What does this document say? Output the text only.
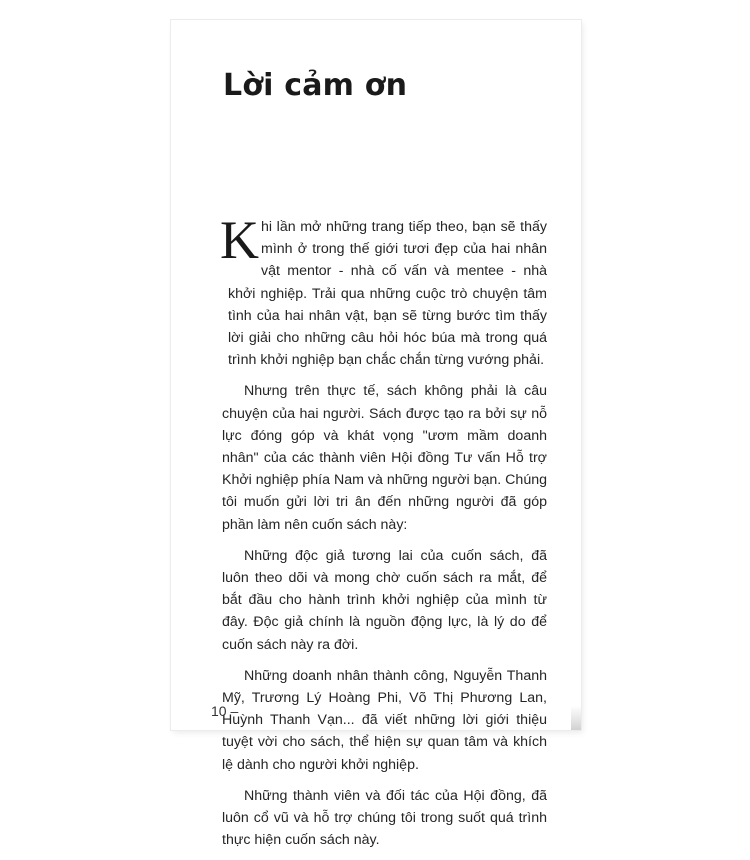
Lời cảm ơn

Khi lần mở những trang tiếp theo, bạn sẽ thấy mình ở trong thế giới tươi đẹp của hai nhân vật mentor - nhà cố vấn và mentee - nhà khởi nghiệp. Trải qua những cuộc trò chuyện tâm tình của hai nhân vật, bạn sẽ từng bước tìm thấy lời giải cho những câu hỏi hóc búa mà trong quá trình khởi nghiệp bạn chắc chắn từng vướng phải.

Nhưng trên thực tế, sách không phải là câu chuyện của hai người. Sách được tạo ra bởi sự nỗ lực đóng góp và khát vọng "ươm mầm doanh nhân" của các thành viên Hội đồng Tư vấn Hỗ trợ Khởi nghiệp phía Nam và những người bạn. Chúng tôi muốn gửi lời tri ân đến những người đã góp phần làm nên cuốn sách này:

Những độc giả tương lai của cuốn sách, đã luôn theo dõi và mong chờ cuốn sách ra mắt, để bắt đầu cho hành trình khởi nghiệp của mình từ đây. Độc giả chính là nguồn động lực, là lý do để cuốn sách này ra đời.

Những doanh nhân thành công, Nguyễn Thanh Mỹ, Trương Lý Hoàng Phi, Võ Thị Phương Lan, Huỳnh Thanh Vạn... đã viết những lời giới thiệu tuyệt vời cho sách, thể hiện sự quan tâm và khích lệ dành cho người khởi nghiệp.

Những thành viên và đối tác của Hội đồng, đã luôn cổ vũ và hỗ trợ chúng tôi trong suốt quá trình thực hiện cuốn sách này.

10 –
